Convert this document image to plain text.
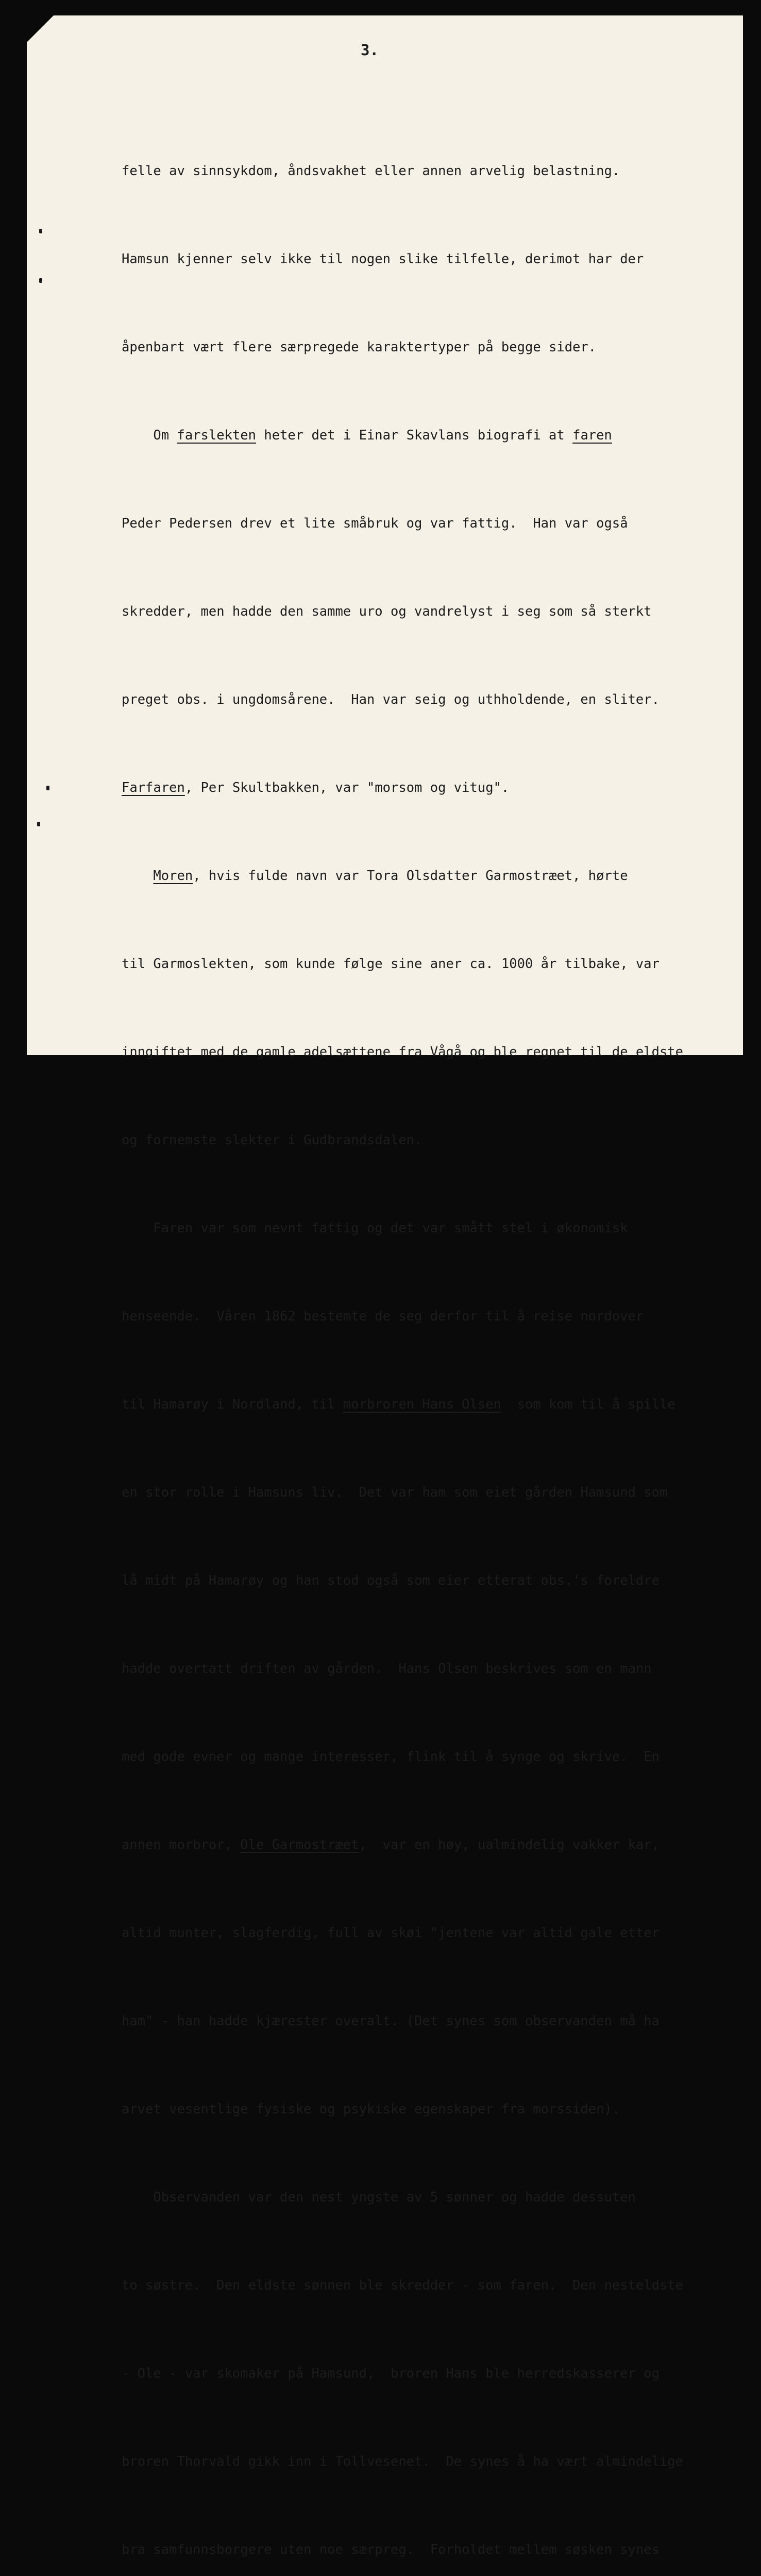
3.

felle av sinnsykdom, åndsvakhet eller annen arvelig belastning.

Hamsun kjenner selv ikke til nogen slike tilfelle, derimot har der

åpenbart vært flere særpregede karaktertyper på begge sider.

Om farslekten heter det i Einar Skavlans biografi at faren

Peder Pedersen drev et lite småbruk og var fattig.  Han var også

skredder, men hadde den samme uro og vandrelyst i seg som så sterkt

preget obs. i ungdomsårene.  Han var seig og uthholdende, en sliter.

Farfaren, Per Skultbakken, var "morsom og vitug".

Moren, hvis fulde navn var Tora Olsdatter Garmostræet, hørte

til Garmoslekten, som kunde følge sine aner ca. 1000 år tilbake, var

inngiftet med de gamle adelsættene fra Vågå og ble regnet til de eldste

og fornemste slekter i Gudbrandsdalen.

Faren var som nevnt fattig og det var smått stel i økonomisk

henseende.  Våren 1862 bestemte de seg derfor til å reise nordover

til Hamarøy i Nordland, til morbroren Hans Olsen  som kom til å spille

en stor rolle i Hamsuns liv.  Det var ham som eiet gården Hamsund som

lå midt på Hamarøy og han stod også som eier etterat obs.'s foreldre

hadde overtatt driften av gården.  Hans Olsen beskrives som en mann

med gode evner og mange interesser, flink til å synge og skrive.  En

annen morbror, Ole Garmostræet,  var en høy, ualmindelig vakker kar,

altid munter, slagferdig, full av skøi "jentene var altid gale etter

ham" - han hadde kjærester overalt. (Det synes som observanden må ha

arvet vesentlige fysiske og psykiske egenskaper fra morssiden).

Observanden var den nest yngste av 5 sønner og hadde dessuten

to søstre.  Den eldste sønnen ble skredder - som faren.  Den nesteldste

- Ole - var skomaker på Hamsund,  broren Hans ble herredskasserer og

broren Thorvald gikk inn i Tollvesenet.  De synes å ha vært almindelige

bra samfunnsborgere uten noe særpreg.  Forholdet mellem søsken synes
